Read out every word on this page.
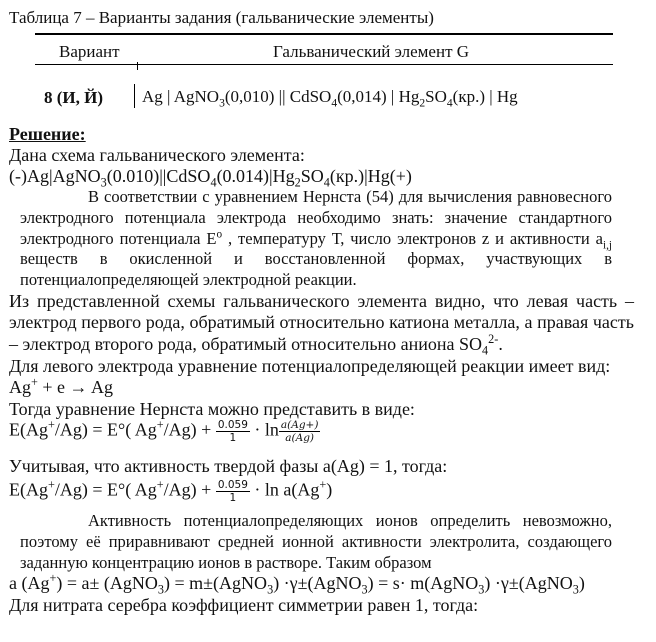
Таблица 7 – Варианты задания (гальванические элементы)
Вариант	Гальванический элемент G
8 (И, Й) Ag | AgNO$_3$(0,010) || CdSO$_4$(0,014) | $Hg_2SO_4(кр.)$ | Hg
Решение:
Дана схема гальванического элемента:
$(-)Ag|AgNO_3(0.010)||CdSO_4(0.014)|Hg_2SO_4(кр.)|Hg(+)$
В соответствии с уравнением Нернста (54) для вычисления равновесного электродного потенциала электрода необходимо знать: значение стандартного электродного потенциала $Е^o$ , температуру Т, число электронов z и активности $a_{i,j}$ веществ в окисленной и восстановленной формах, участвующих в потенциалопределяющей электродной реакции.
Из представленной схемы гальванического элемента видно, что левая часть – электрод первого рода, обратимый относительно катиона металла, а правая часть – электрод второго рода, обратимый относительно аниона $SO_4^{2-}$.
Для левого электрода уравнение потенциалопределяющей реакции имеет вид:
Ag+ + e → Ag
Тогда уравнение Нернста можно представить в виде:
E(Ag+/Ag) = E°( $Ag^+/Ag) + \frac{0.059}{1} \cdot \ln \frac{a(Ag+)}{a(Ag)}$
Учитывая, что активность твердой фазы a(Ag) = 1, тогда:
E(Ag+/Ag) = E°( $Ag^+/Ag) + \frac{0.059}{1} \cdot \ln a(Ag^+)$
Активность потенциалопределяющих ионов определить невозможно, поэтому её приравнивают средней ионной активности электролита, создающего заданную концентрацию ионов в растворе. Таким образом
a (Ag+) = a± (AgNO$_3$) = m±(AgNO$_3$) ·γ±(AgNO$_3$) = s· m(AgNO$_3$) ·γ±(AgNO$_3$)
Для нитрата серебра коэффициент симметрии равен 1, тогда:
